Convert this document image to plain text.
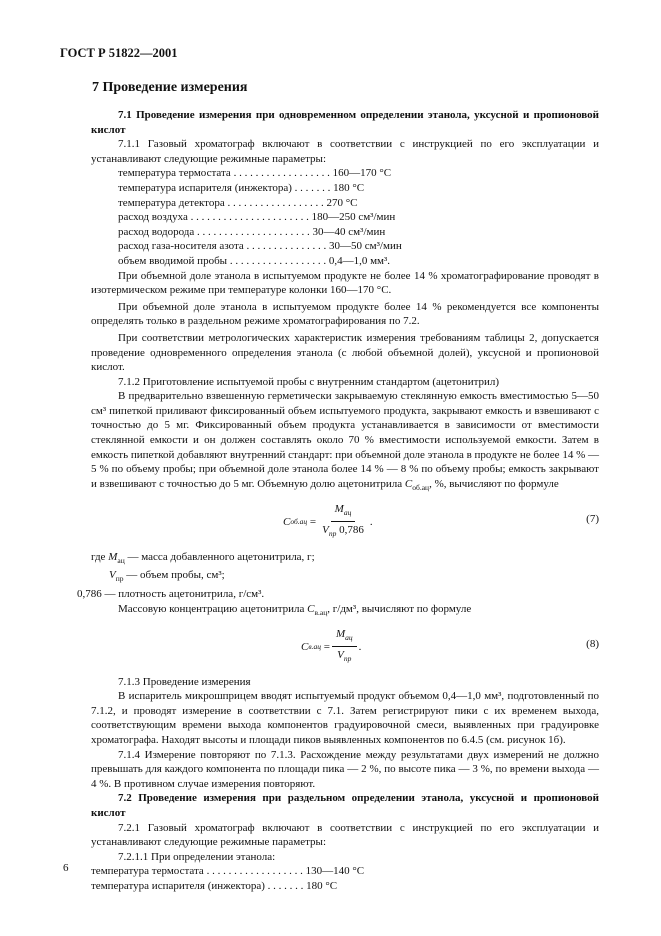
ГОСТ Р 51822—2001
7 Проведение измерения

7.1 Проведение измерения при одновременном определении этанола, уксусной и пропионовой кислот

7.1.1 Газовый хроматограф включают в соответствии с инструкцией по его эксплуатации и устанавливают следующие режимные параметры:

температура термостата
. . . . . . . . . . . . . . . . . .
160—170 °С
температура испарителя (инжектора)
. . . . . . .
180 °С
температура детектора
. . . . . . . . . . . . . . . . . .
270 °С
расход воздуха
. . . . . . . . . . . . . . . . . . . . . .
180—250 см³/мин
расход водорода
. . . . . . . . . . . . . . . . . . . . .
30—40 см³/мин
расход газа-носителя азота
. . . . . . . . . . . . . . .
30—50 см³/мин
объем вводимой пробы
. . . . . . . . . . . . . . . . . .
0,4—1,0 мм³.

При объемной доле этанола в испытуемом продукте не более 14 % хроматографирование проводят в изотермическом режиме при температуре колонки 160—170 °С.

При объемной доле этанола в испытуемом продукте более 14 % рекомендуется все компоненты определять только в раздельном режиме хроматографирования по 7.2.

При соответствии метрологических характеристик измерения требованиям таблицы 2, допускается проведение одновременного определения этанола (с любой объемной долей), уксусной и пропионовой кислот.

7.1.2 Приготовление испытуемой пробы с внутренним стандартом (ацетонитрил)

В предварительно взвешенную герметически закрываемую стеклянную емкость вместимостью 5—50 см³ пипеткой приливают фиксированный объем испытуемого продукта, закрывают емкость и взвешивают с точностью до 5 мг. Фиксированный объем продукта устанавливается в зависимости от вместимости стеклянной емкости и он должен составлять около 70 % вместимости используемой емкости. Затем в емкость пипеткой добавляют внутренний стандарт: при объемной доле этанола в продукте не более 14 % — 5 % по объему пробы; при объемной доле этанола более 14 % — 8 % по объему пробы; емкость закрывают и взвешивают с точностью до 5 мг. Объемную долю ацетонитрила $C_{об.ац}$, %, вычисляют по формуле

C об.ац
= $\frac{M_{ац}}{V_{пр} 0,786}$ .	(7)
где $M_{ац}$ — масса добавленного ацетонитрила, г;
$V_{пр}$ — объем пробы, см³;
0,786 — плотность ацетонитрила, г/см³.

Массовую концентрацию ацетонитрила $C_{в.ац}$, г/дм³, вычисляют по формуле

C в.ац
= $\frac{M_{ац}}{V_{пр}}$ .	(8)

7.1.3 Проведение измерения

В испаритель микрошприцем вводят испытуемый продукт объемом 0,4—1,0 мм³, подготовленный по 7.1.2, и проводят измерение в соответствии с 7.1. Затем регистрируют пики с их временем выхода, соответствующим времени выхода компонентов градуировочной смеси, выявленных при градуировке хроматографа. Находят высоты и площади пиков выявленных компонентов по 6.4.5 (см. рисунок 1б).

7.1.4 Измерение повторяют по 7.1.3. Расхождение между результатами двух измерений не должно превышать для каждого компонента по площади пика — 2 %, по высоте пика — 3 %, по времени выхода — 4 %. В противном случае измерения повторяют.

7.2 Проведение измерения при раздельном определении этанола, уксусной и пропионовой кислот

7.2.1 Газовый хроматограф включают в соответствии с инструкцией по его эксплуатации и устанавливают следующие режимные параметры:

7.2.1.1 При определении этанола:

температура термостата
. . . . . . . . . . . . . . . . . .
130—140 °С
температура испарителя (инжектора)
. . . . . . .
180 °С
6
